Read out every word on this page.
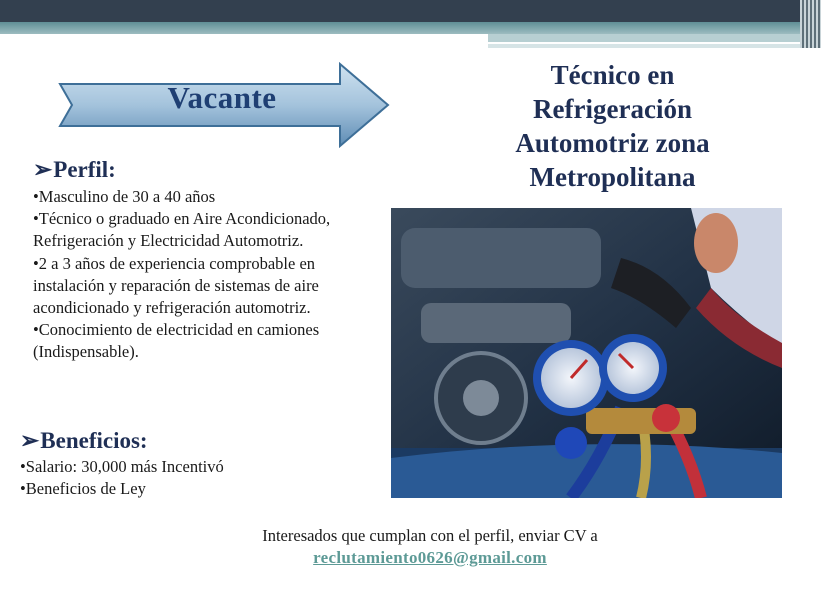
Vacante
Técnico en
Refrigeración
Automotriz zona
Metropolitana
➢Perfil:
•Masculino de 30 a 40 años
•Técnico o graduado en Aire Acondicionado, Refrigeración y Electricidad Automotriz.
•2 a 3 años de experiencia comprobable en instalación y reparación de sistemas de aire acondicionado y refrigeración automotriz.
•Conocimiento de electricidad en camiones (Indispensable).
➢Beneficios:
•Salario: 30,000 más Incentivó
•Beneficios de Ley
Interesados que cumplan con el perfil, enviar CV a
reclutamiento0626@gmail.com
